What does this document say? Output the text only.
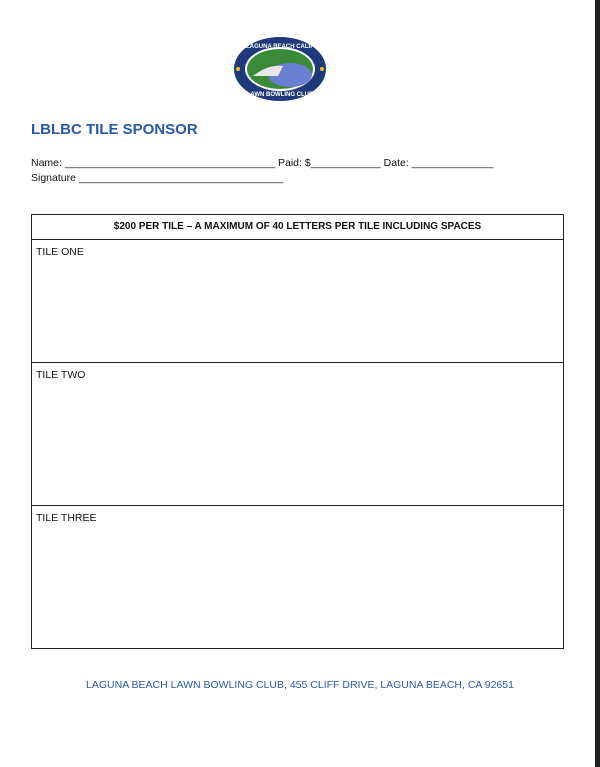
LAGUNA BEACH CALIF
LAWN BOWLING CLUB
LBLBC TILE SPONSOR
Name: ____________________________________ Paid: $____________ Date: ______________
Signature ___________________________________
$200 PER TILE – A MAXIMUM OF 40 LETTERS PER TILE INCLUDING SPACES
TILE ONE
TILE TWO
TILE THREE
LAGUNA BEACH LAWN BOWLING CLUB, 455 CLIFF DRIVE, LAGUNA BEACH, CA 92651
